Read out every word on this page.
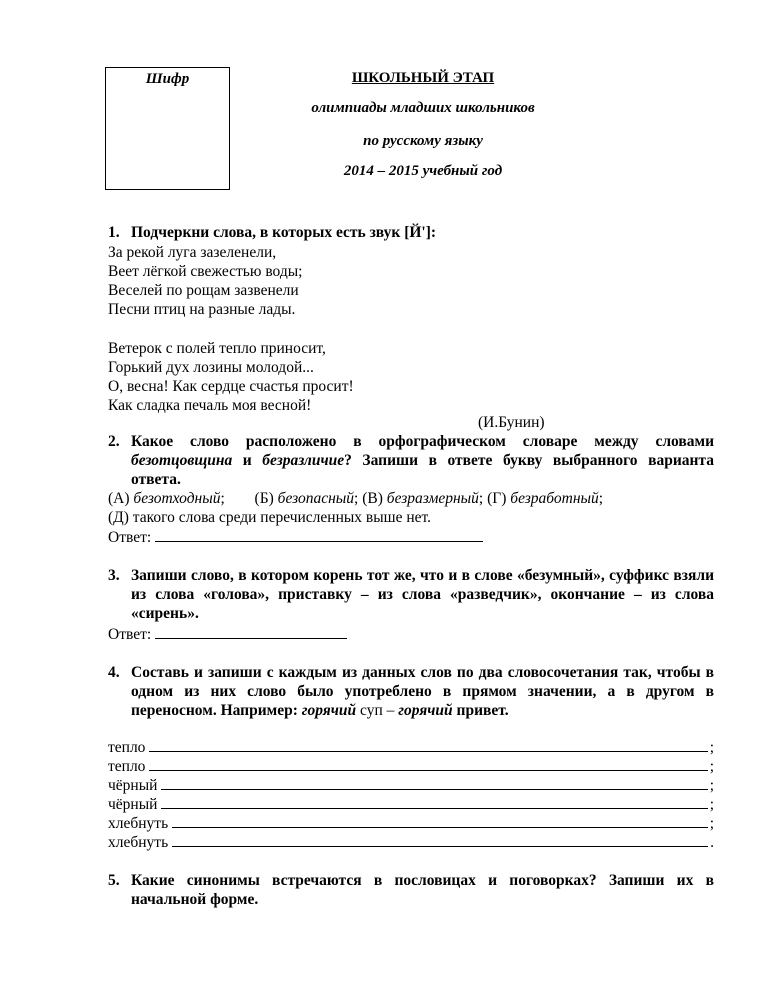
Шифр	ШКОЛЬНЫЙ ЭТАП
олимпиады младших школьников
по русскому языку
2014 – 2015 учебный год
1. Подчеркни слова, в которых есть звук [Й']:
За рекой луга зазеленели,
Веет лёгкой свежестью воды;
Веселей по рощам зазвенели
Песни птиц на разные лады.
Ветерок с полей тепло приносит,
Горький дух лозины молодой...
О, весна! Как сердце счастья просит!
Как сладка печаль моя весной!
(И.Бунин)
2. Какое слово расположено в орфографическом словаре между словами безотцовщина и безразличие? Запиши в ответе букву выбранного варианта ответа.
(А) безотходный; (Б) безопасный; (В) безразмерный; (Г) безработный;
(Д) такого слова среди перечисленных выше нет.
Ответ:
3. Запиши слово, в котором корень тот же, что и в слове «безумный», суффикс взяли из слова «голова», приставку – из слова «разведчик», окончание – из слова «сирень».
Ответ:
4. Составь и запиши с каждым из данных слов по два словосочетания так, чтобы в одном из них слово было употреблено в прямом значении, а в другом в переносном. Например: горячий суп – горячий привет.
тепло	;
тепло	;
чёрный	;
чёрный	;
хлебнуть	;
хлебнуть	.
5. Какие синонимы встречаются в пословицах и поговорках? Запиши их в начальной форме.
